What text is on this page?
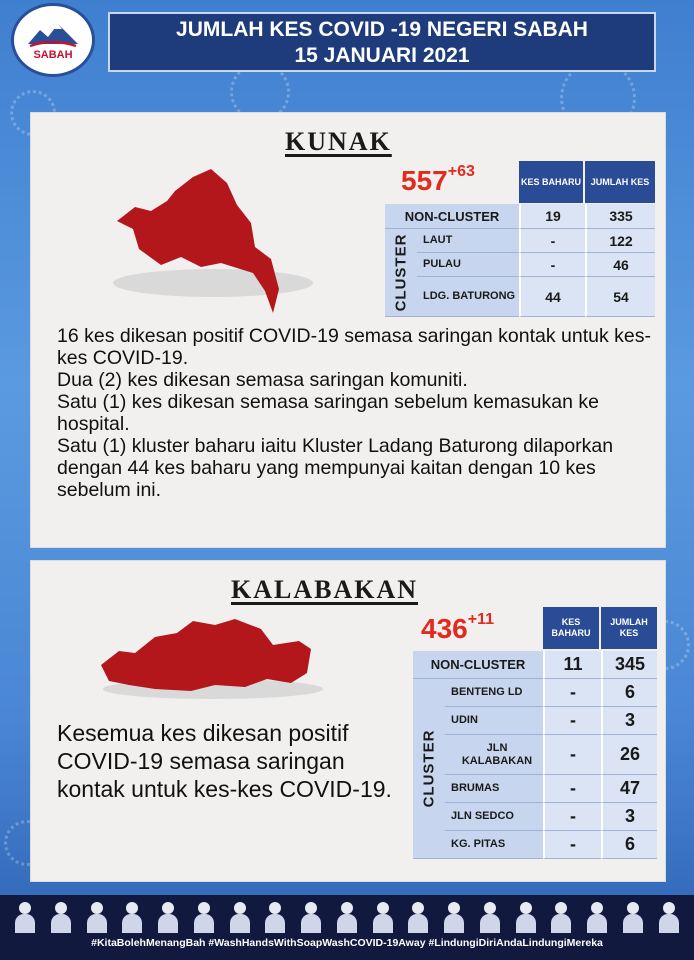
SABAH
JUMLAH KES COVID -19 NEGERI SABAH
15 JANUARI 2021
KUNAK
$557^{+63}$
KES BAHARU	JUMLAH KES
NON-CLUSTER	19	335
CLUSTER	LAUT	-	122
PULAU	-	46
LDG. BATURONG	44	54

16 kes dikesan positif COVID-19 semasa saringan kontak untuk kes-kes COVID-19.

Dua (2) kes dikesan semasa saringan komuniti.

Satu (1) kes dikesan semasa saringan sebelum kemasukan ke hospital.

Satu (1) kluster baharu iaitu Kluster Ladang Baturong dilaporkan dengan 44 kes baharu yang mempunyai kaitan dengan 10 kes sebelum ini.

KALABAKAN
$436^{+11}$	KES BAHARU
JUMLAH KES
NON-CLUSTER	11	345
CLUSTER
BENTENG LD	-	6
UDIN	-	3
JLN KALABAKAN	-	26
BRUMAS	-	47
JLN SEDCO	-	3
KG. PITAS	-	6

Kesemua kes dikesan positif COVID-19 semasa saringan kontak untuk kes-kes COVID-19.

#KitaBolehMenangBah #WashHandsWithSoapWashCOVID-19Away #LindungiDiriAndaLindungiMereka
